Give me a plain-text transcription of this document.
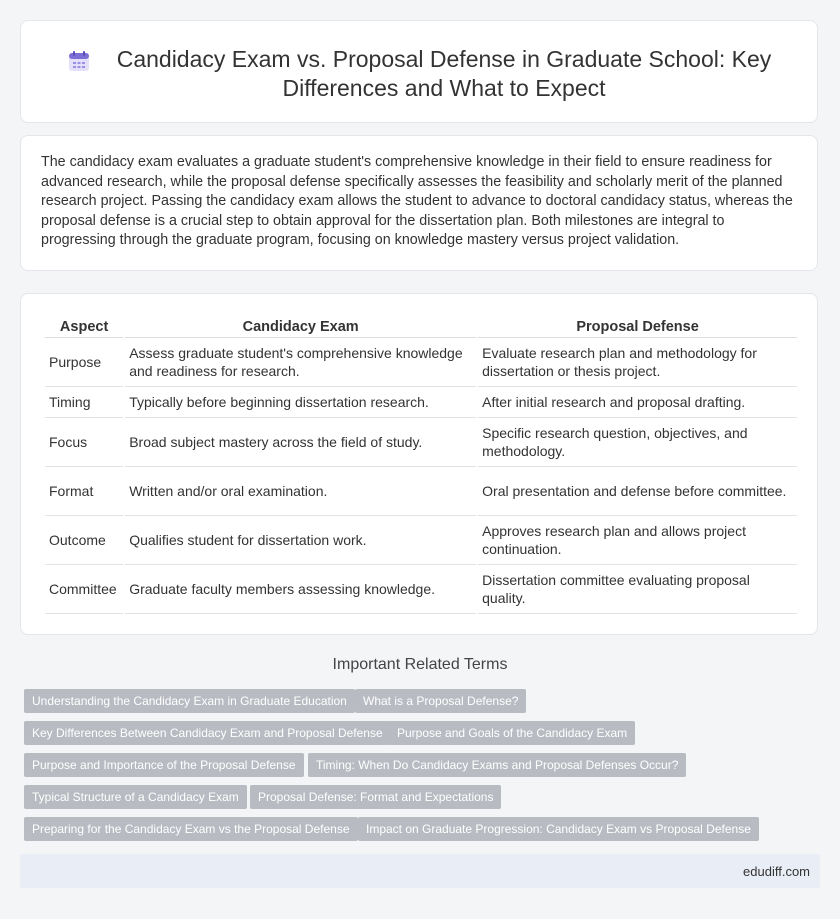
Candidacy Exam vs. Proposal Defense in Graduate School: Key Differences and What to Expect

The candidacy exam evaluates a graduate student's comprehensive knowledge in their field to ensure readiness for advanced research, while the proposal defense specifically assesses the feasibility and scholarly merit of the planned research project. Passing the candidacy exam allows the student to advance to doctoral candidacy status, whereas the proposal defense is a crucial step to obtain approval for the dissertation plan. Both milestones are integral to progressing through the graduate program, focusing on knowledge mastery versus project validation.

Aspect	Candidacy Exam	Proposal Defense
Purpose	Assess graduate student's comprehensive knowledge and readiness for research.	Evaluate research plan and methodology for dissertation or thesis project.
Timing	Typically before beginning dissertation research.	After initial research and proposal drafting.
Focus	Broad subject mastery across the field of study.	Specific research question, objectives, and methodology.
Format	Written and/or oral examination.	Oral presentation and defense before committee.
Outcome	Qualifies student for dissertation work.	Approves research plan and allows project continuation.
Committee	Graduate faculty members assessing knowledge.	Dissertation committee evaluating proposal quality.
Important Related Terms
Understanding the Candidacy Exam in Graduate Education	What is a Proposal Defense?
Key Differences Between Candidacy Exam and Proposal Defense	Purpose and Goals of the Candidacy Exam
Purpose and Importance of the Proposal Defense	Timing: When Do Candidacy Exams and Proposal Defenses Occur?
Typical Structure of a Candidacy Exam	Proposal Defense: Format and Expectations
Preparing for the Candidacy Exam vs the Proposal Defense	Impact on Graduate Progression: Candidacy Exam vs Proposal Defense
edudiff.com
